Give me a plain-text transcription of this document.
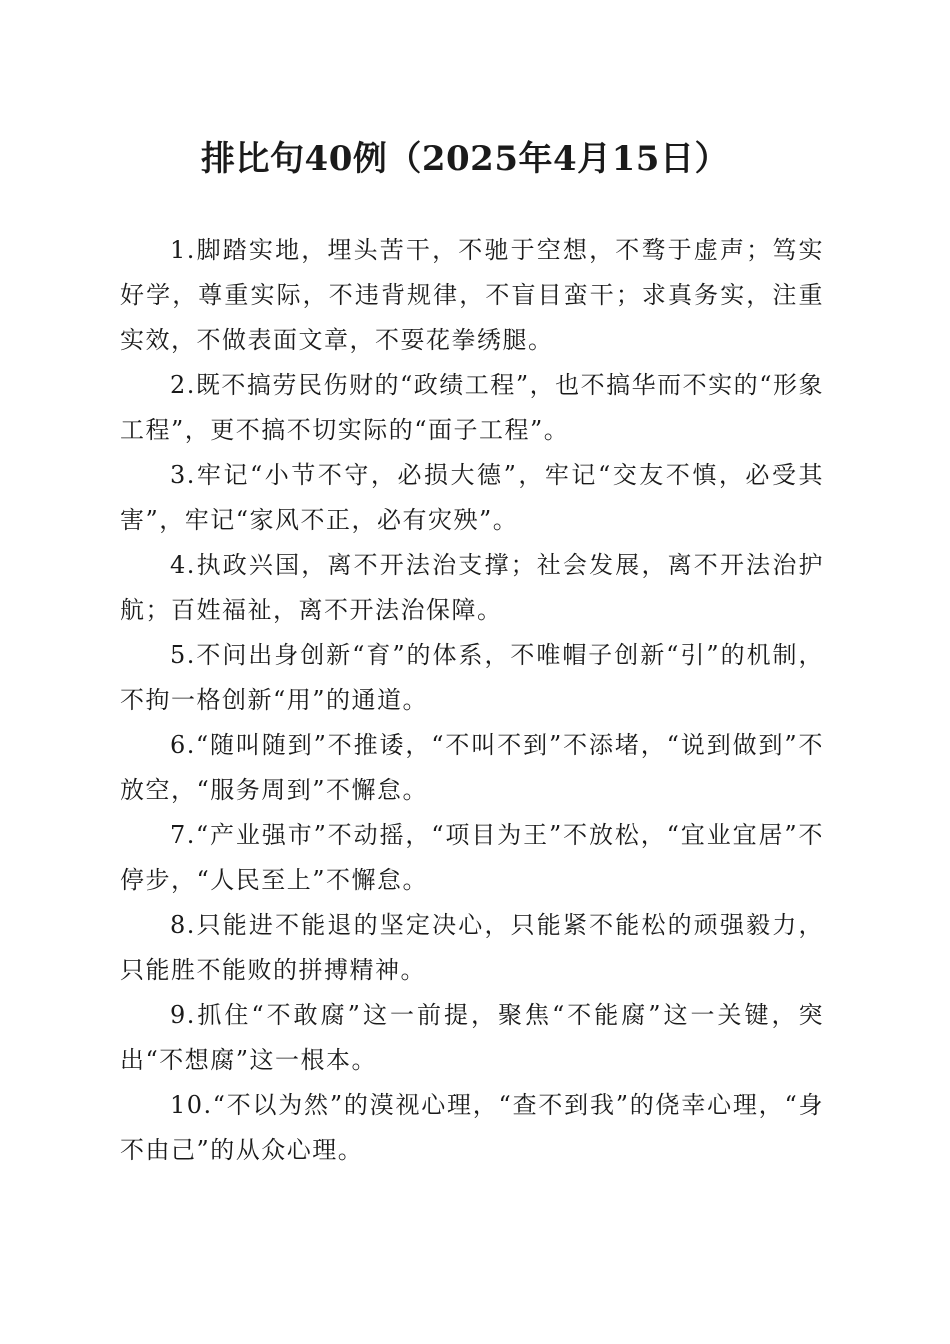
排比句40例（2025年4月15日）

1.脚踏实地，埋头苦干，不驰于空想，不骛于虚声；笃实好学，尊重实际，不违背规律，不盲目蛮干；求真务实，注重实效，不做表面文章，不耍花拳绣腿。

2.既不搞劳民伤财的“政绩工程”，也不搞华而不实的“形象工程”，更不搞不切实际的“面子工程”。

3.牢记“小节不守，必损大德”，牢记“交友不慎，必受其害”，牢记“家风不正，必有灾殃”。

4.执政兴国，离不开法治支撑；社会发展，离不开法治护航；百姓福祉，离不开法治保障。

5.不问出身创新“育”的体系，不唯帽子创新“引”的机制，不拘一格创新“用”的通道。

6.“随叫随到”不推诿，“不叫不到”不添堵，“说到做到”不放空，“服务周到”不懈怠。

7.“产业强市”不动摇，“项目为王”不放松，“宜业宜居”不停步，“人民至上”不懈怠。

8.只能进不能退的坚定决心，只能紧不能松的顽强毅力，只能胜不能败的拼搏精神。

9.抓住“不敢腐”这一前提，聚焦“不能腐”这一关键，突出“不想腐”这一根本。

10.“不以为然”的漠视心理，“查不到我”的侥幸心理，“身不由己”的从众心理。
